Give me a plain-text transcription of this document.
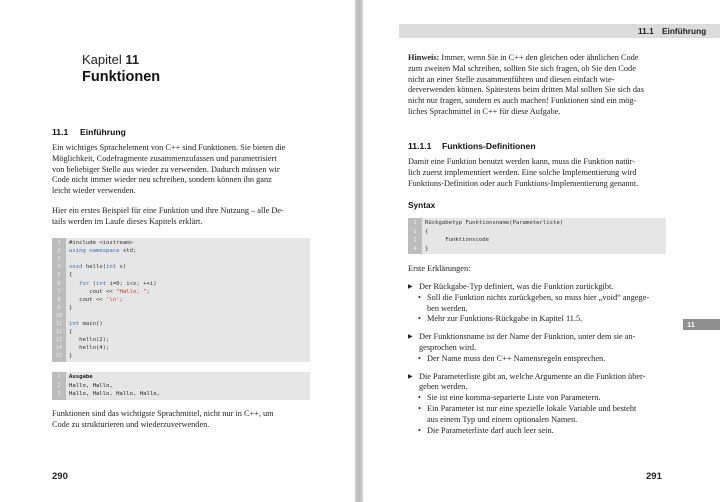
Kapitel 11
Funktionen
11.1 Einführung
Ein wichtiges Sprachelement von C++ sind Funktionen. Sie bieten die
Möglichkeit, Codefragmente zusammenzufassen und parametrisiert
von beliebiger Stelle aus wieder zu verwenden. Dadurch müssen wir
Code nicht immer wieder neu schreiben, sondern können ihn ganz
leicht wieder verwenden.
Hier ein erstes Beispiel für eine Funktion und ihre Nutzung – alle De-
tails werden im Laufe dieses Kapitels erklärt.
1	#include <iostream>
2	using namespace std;
3
4	void hello(int x)
5	{
6	for (int i=0; i<x; ++i)
7	cout << "Hallo, ";
8	cout << '\n';
9	}
10
11	int main()
12	{
13	hello(2);
14	hello(4);
15	}
1	Ausgabe
2	Hallo, Hallo,
3	Hallo, Hallo, Hallo, Hallo,
Funktionen sind das wichtigste Sprachmittel, nicht nur in C++, um
Code zu strukturieren und wiederzuverwenden.
290
11.1 Einführung
Hinweis: Immer, wenn Sie in C++ den gleichen oder ähnlichen Code
zum zweiten Mal schreiben, sollten Sie sich fragen, ob Sie den Code
nicht an einer Stelle zusammenführen und diesen einfach wie-
derverwenden können. Spätestens beim dritten Mal sollten Sie sich das
nicht nur fragen, sondern es auch machen! Funktionen sind ein mög-
liches Sprachmittel in C++ für diese Aufgabe.
11.1.1 Funktions-Definitionen
Damit eine Funktion benutzt werden kann, muss die Funktion natür-
lich zuerst implementiert werden. Eine solche Implementierung wird
Funktions-Definition oder auch Funktions-Implementierung genannt.
Syntax
1	Rückgabetyp Funktionsname(Parameterliste)
2	{
3	Funktionscode
4	}
Erste Erklärungen:
11
291
▶ Der Rückgabe-Typ definiert, was die Funktion zurückgibt.
• Soll die Funktion nichts zurückgeben, so muss hier „void“ angege-
ben werden.
• Mehr zur Funktions-Rückgabe in Kapitel 11.5.
▶ Der Funktionsname ist der Name der Funktion, unter dem sie an-
gesprochen wird.
• Der Name muss den C++ Namensregeln entsprechen.
▶ Die Parameterliste gibt an, welche Argumente an die Funktion über-
geben werden.
• Sie ist eine komma-separierte Liste von Parametern.
• Ein Parameter ist nur eine spezielle lokale Variable und besteht
aus einem Typ und einem optionalen Namen.
• Die Parameterliste darf auch leer sein.
